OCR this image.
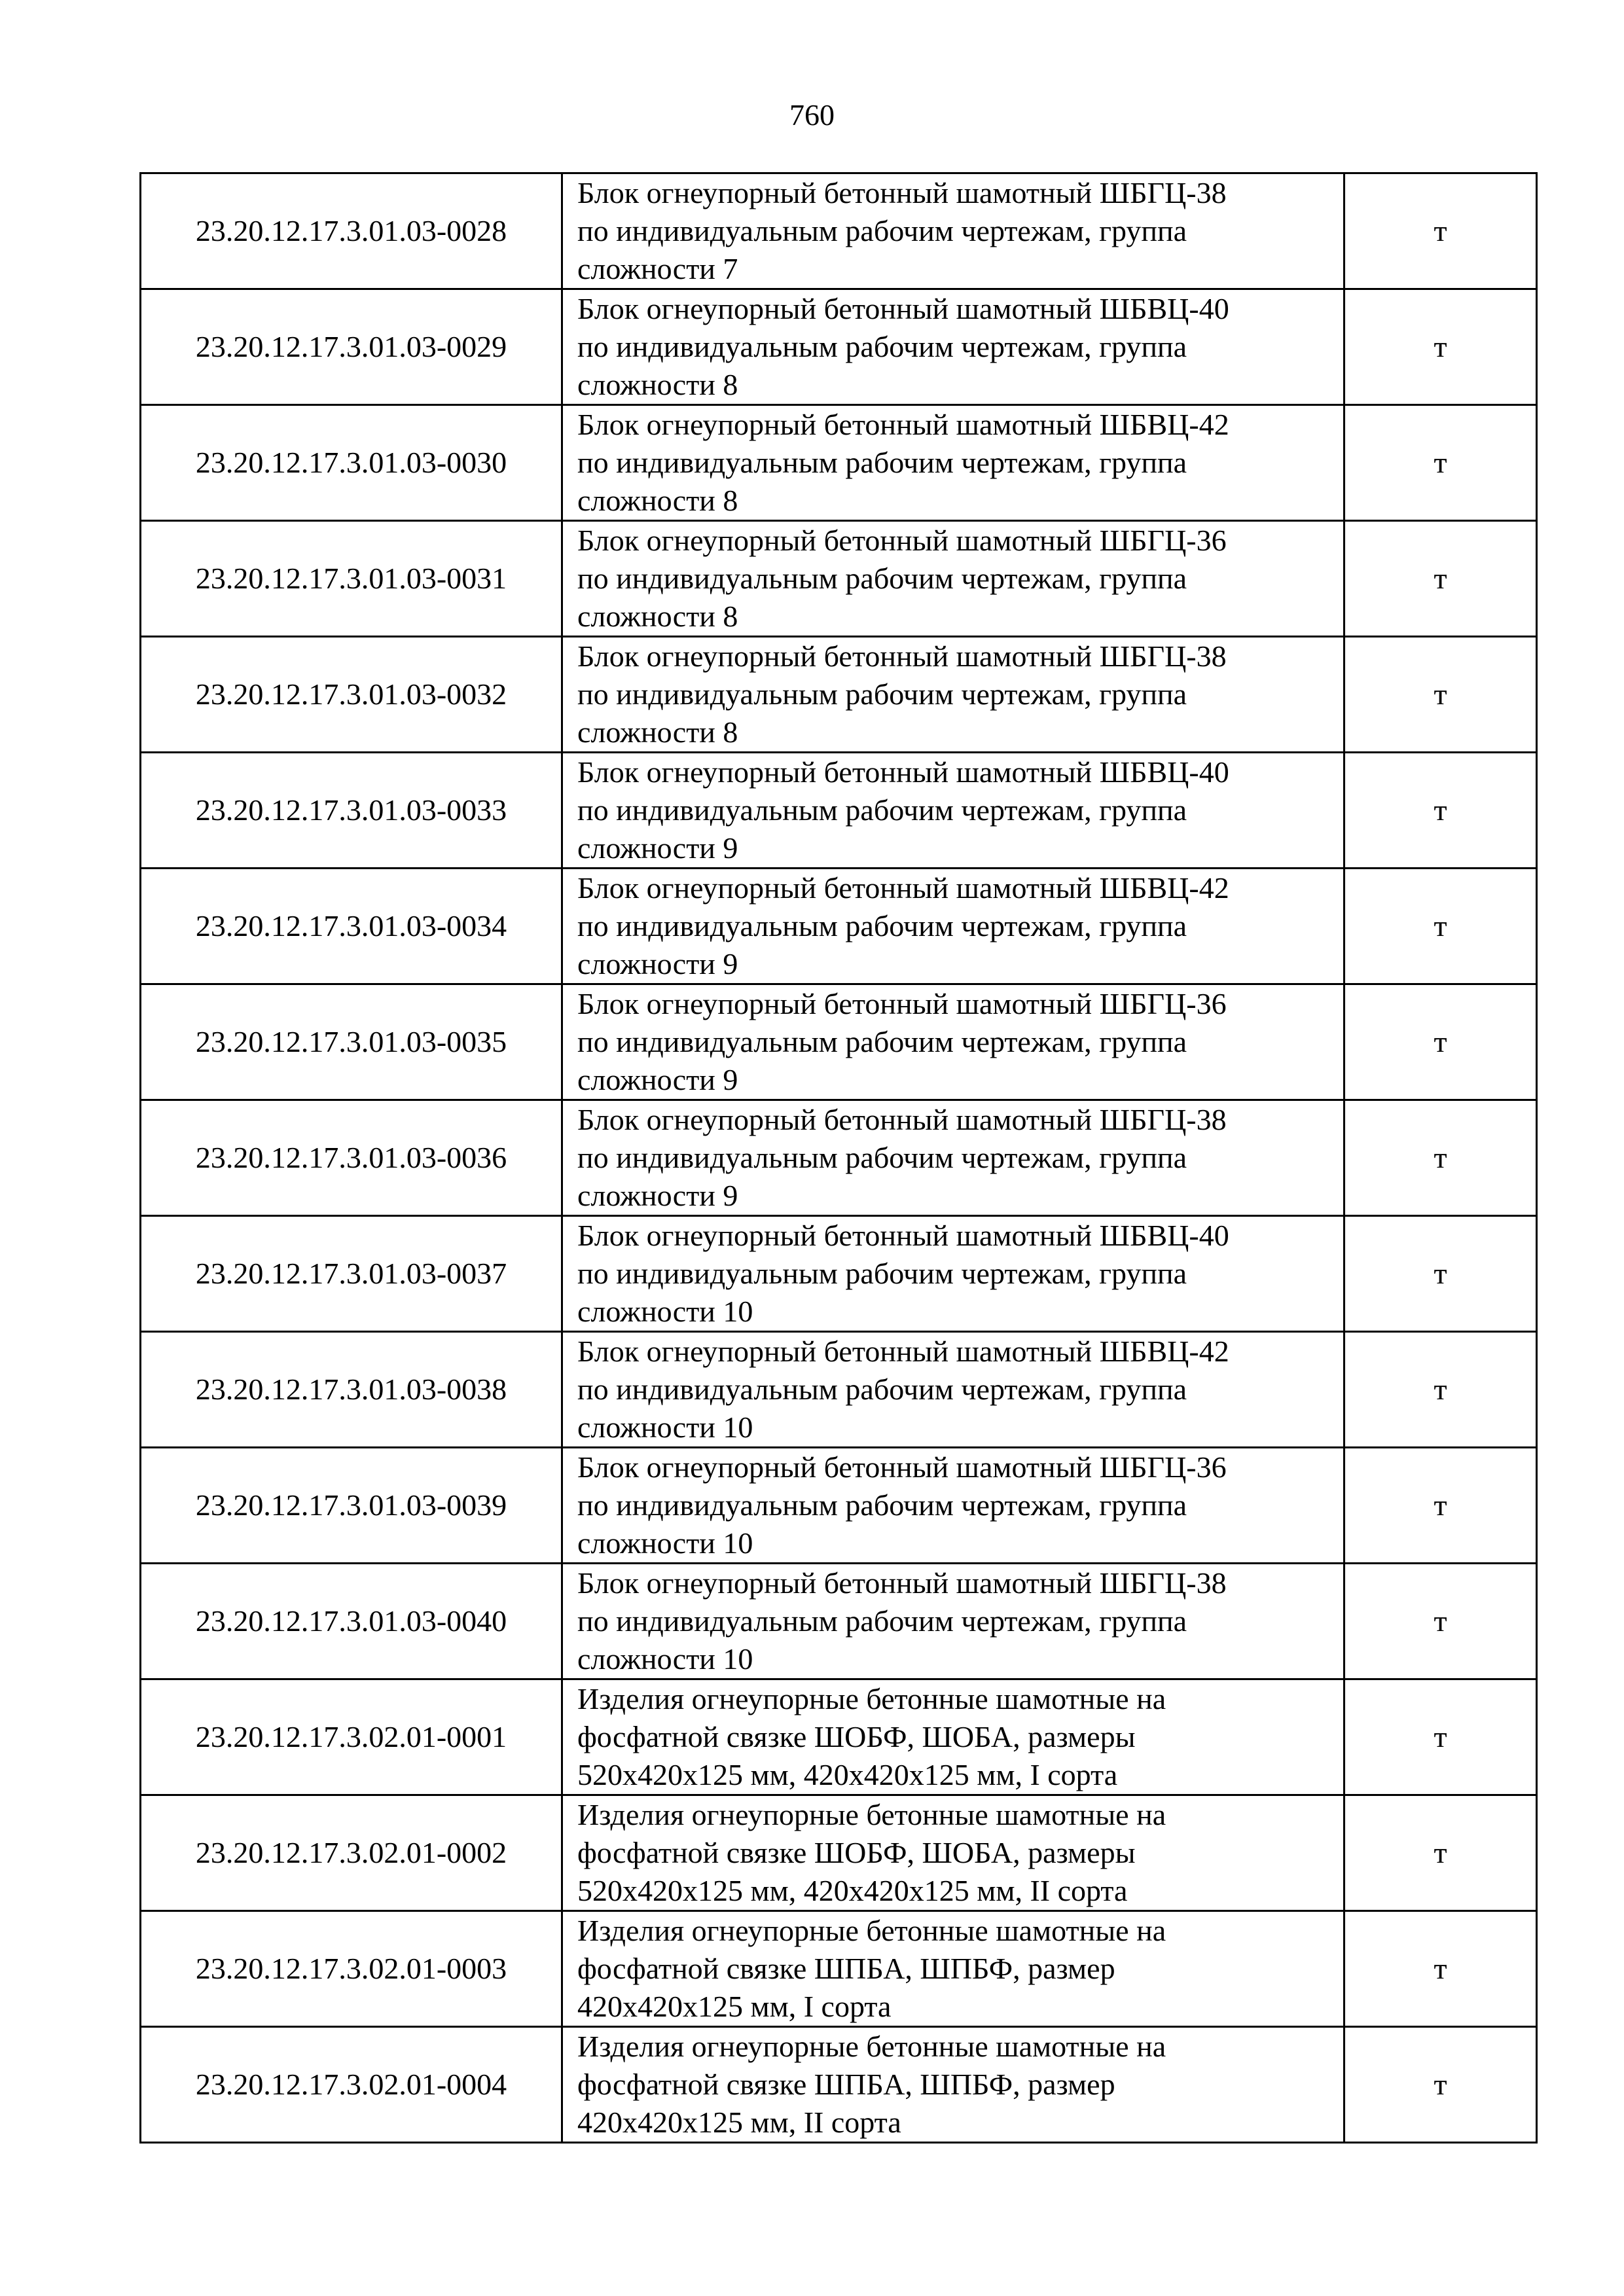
760
23.20.12.17.3.01.03-0028	Блок огнеупорный бетонный шамотный ШБГЦ-38
по индивидуальным рабочим чертежам, группа
сложности 7	т
23.20.12.17.3.01.03-0029	Блок огнеупорный бетонный шамотный ШБВЦ-40
по индивидуальным рабочим чертежам, группа
сложности 8	т
23.20.12.17.3.01.03-0030	Блок огнеупорный бетонный шамотный ШБВЦ-42
по индивидуальным рабочим чертежам, группа
сложности 8	т
23.20.12.17.3.01.03-0031	Блок огнеупорный бетонный шамотный ШБГЦ-36
по индивидуальным рабочим чертежам, группа
сложности 8	т
23.20.12.17.3.01.03-0032	Блок огнеупорный бетонный шамотный ШБГЦ-38
по индивидуальным рабочим чертежам, группа
сложности 8	т
23.20.12.17.3.01.03-0033	Блок огнеупорный бетонный шамотный ШБВЦ-40
по индивидуальным рабочим чертежам, группа
сложности 9	т
23.20.12.17.3.01.03-0034	Блок огнеупорный бетонный шамотный ШБВЦ-42
по индивидуальным рабочим чертежам, группа
сложности 9	т
23.20.12.17.3.01.03-0035	Блок огнеупорный бетонный шамотный ШБГЦ-36
по индивидуальным рабочим чертежам, группа
сложности 9	т
23.20.12.17.3.01.03-0036	Блок огнеупорный бетонный шамотный ШБГЦ-38
по индивидуальным рабочим чертежам, группа
сложности 9	т
23.20.12.17.3.01.03-0037	Блок огнеупорный бетонный шамотный ШБВЦ-40
по индивидуальным рабочим чертежам, группа
сложности 10	т
23.20.12.17.3.01.03-0038	Блок огнеупорный бетонный шамотный ШБВЦ-42
по индивидуальным рабочим чертежам, группа
сложности 10	т
23.20.12.17.3.01.03-0039	Блок огнеупорный бетонный шамотный ШБГЦ-36
по индивидуальным рабочим чертежам, группа
сложности 10	т
23.20.12.17.3.01.03-0040	Блок огнеупорный бетонный шамотный ШБГЦ-38
по индивидуальным рабочим чертежам, группа
сложности 10	т
23.20.12.17.3.02.01-0001	Изделия огнеупорные бетонные шамотные на
фосфатной связке ШОБФ, ШОБА, размеры
520х420х125 мм, 420х420х125 мм, I сорта	т
23.20.12.17.3.02.01-0002	Изделия огнеупорные бетонные шамотные на
фосфатной связке ШОБФ, ШОБА, размеры
520х420х125 мм, 420х420х125 мм, II сорта	т
23.20.12.17.3.02.01-0003	Изделия огнеупорные бетонные шамотные на
фосфатной связке ШПБА, ШПБФ, размер
420х420х125 мм, I сорта	т
23.20.12.17.3.02.01-0004	Изделия огнеупорные бетонные шамотные на
фосфатной связке ШПБА, ШПБФ, размер
420х420х125 мм, II сорта	т
